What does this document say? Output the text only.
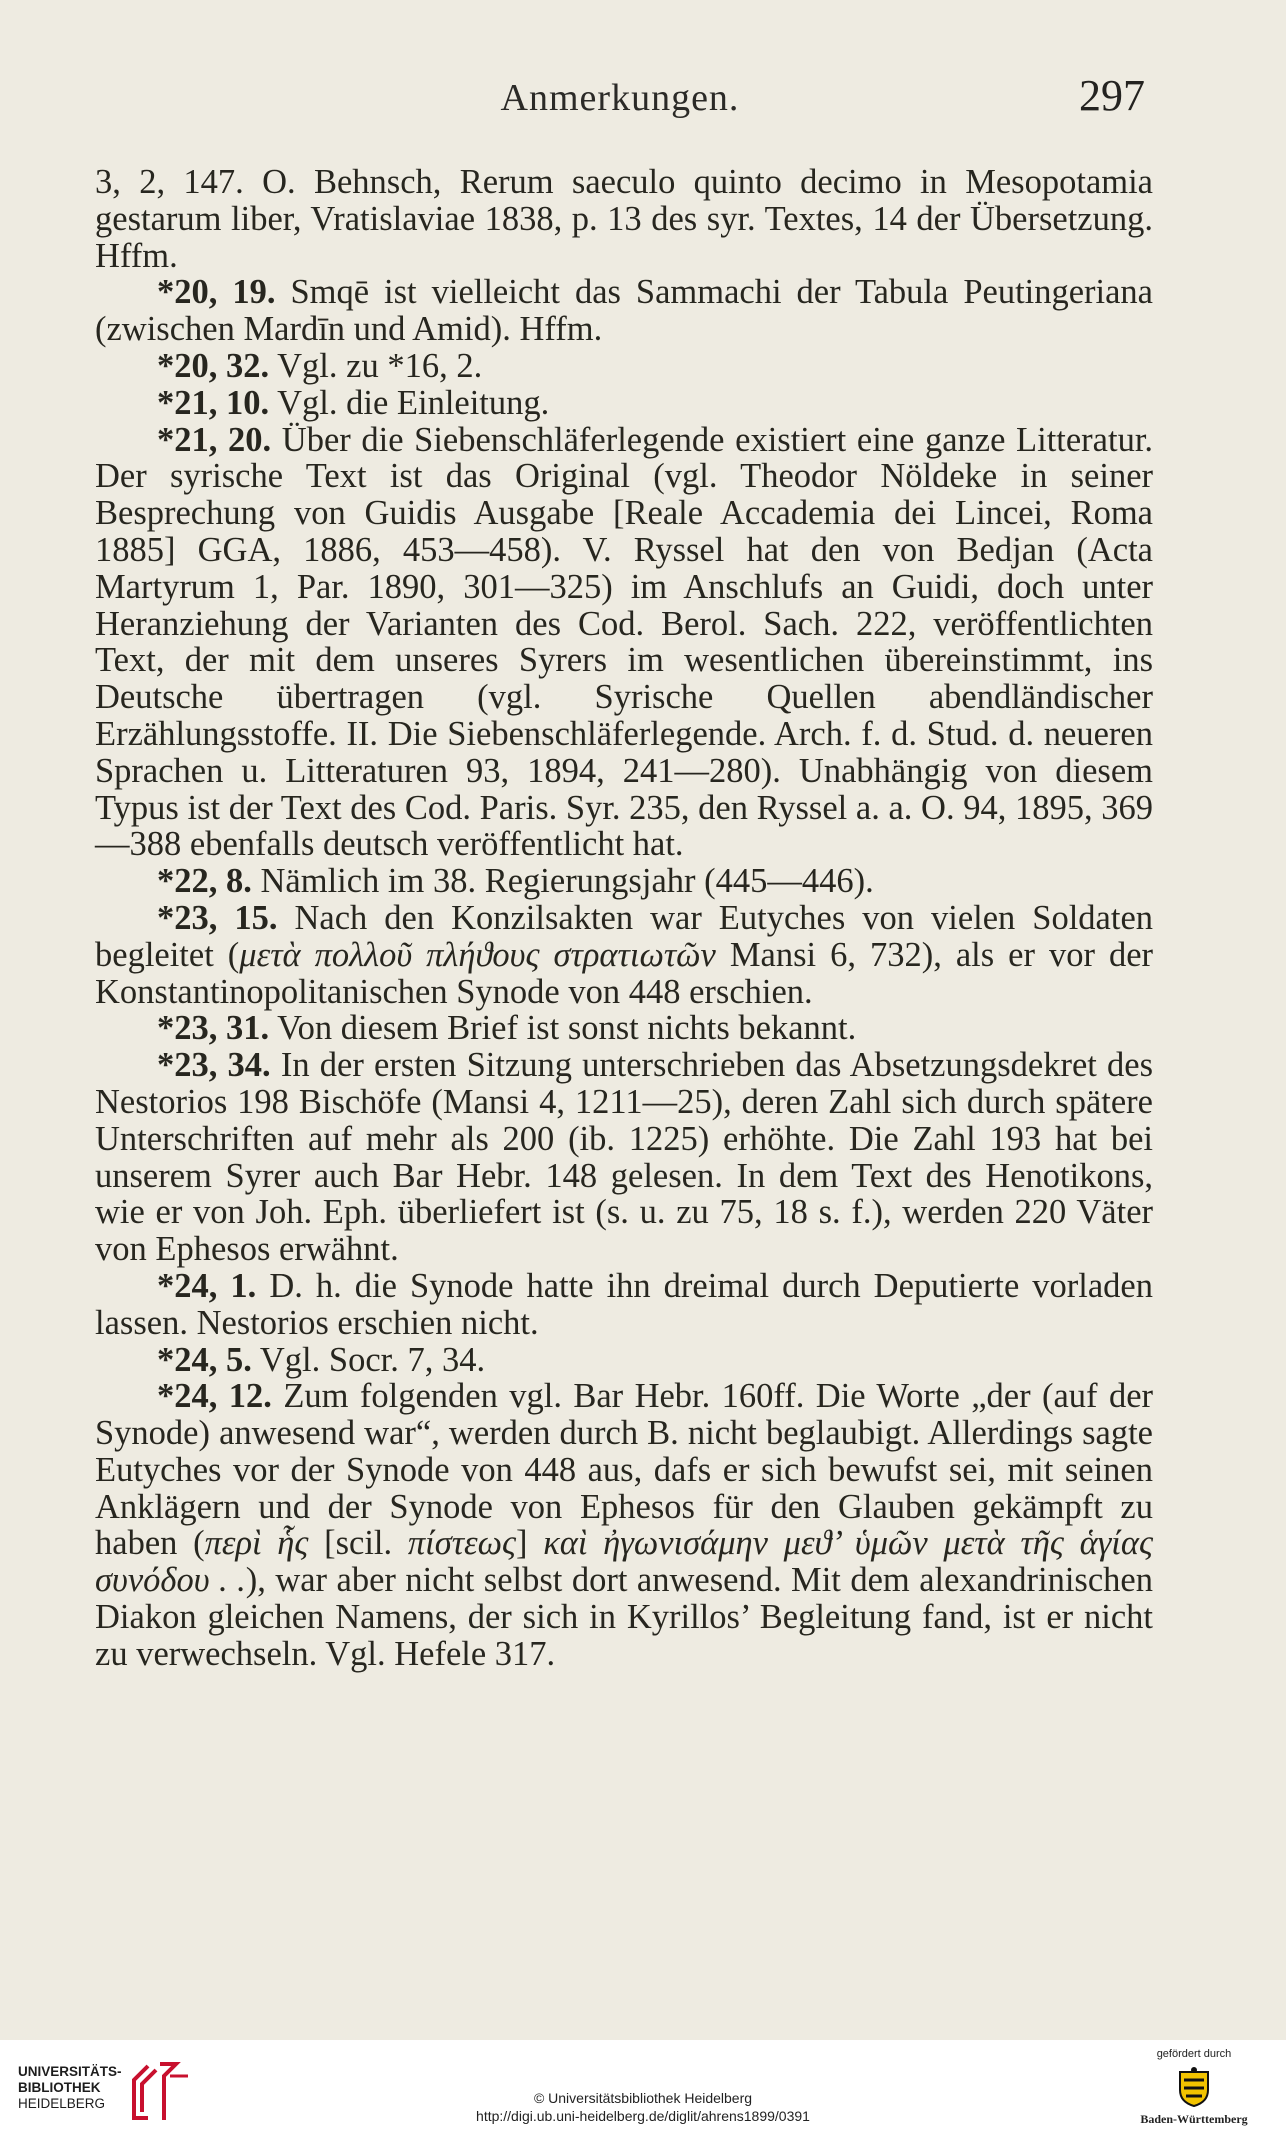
Anmerkungen.	297

3, 2, 147. O. Behnsch, Rerum saeculo quinto decimo in Mesopotamia gestarum liber, Vratislaviae 1838, p. 13 des syr. Textes, 14 der Übersetzung. Hffm.

*20, 19. Smqē ist vielleicht das Sammachi der Tabula Peutingeriana (zwischen Mardīn und Amid). Hffm.

*20, 32. Vgl. zu *16, 2.

*21, 10. Vgl. die Einleitung.

*21, 20. Über die Siebenschläferlegende existiert eine ganze Litteratur. Der syrische Text ist das Original (vgl. Theodor Nöldeke in seiner Besprechung von Guidis Ausgabe [Reale Accademia dei Lincei, Roma 1885] GGA, 1886, 453—458). V. Ryssel hat den von Bedjan (Acta Martyrum 1, Par. 1890, 301—325) im Anschlufs an Guidi, doch unter Heranziehung der Varianten des Cod. Berol. Sach. 222, veröffentlichten Text, der mit dem unseres Syrers im wesentlichen übereinstimmt, ins Deutsche übertragen (vgl. Syrische Quellen abendländischer Erzählungsstoffe. II. Die Siebenschläferlegende. Arch. f. d. Stud. d. neueren Sprachen u. Litteraturen 93, 1894, 241—280). Unabhängig von diesem Typus ist der Text des Cod. Paris. Syr. 235, den Ryssel a. a. O. 94, 1895, 369—388 ebenfalls deutsch veröffentlicht hat.

*22, 8. Nämlich im 38. Regierungsjahr (445—446).

*23, 15. Nach den Konzilsakten war Eutyches von vielen Soldaten begleitet (μετὰ πολλοῦ πλήϑους στρατιωτῶν Mansi 6, 732), als er vor der Konstantinopolitanischen Synode von 448 erschien.

*23, 31. Von diesem Brief ist sonst nichts bekannt.

*23, 34. In der ersten Sitzung unterschrieben das Absetzungsdekret des Nestorios 198 Bischöfe (Mansi 4, 1211—25), deren Zahl sich durch spätere Unterschriften auf mehr als 200 (ib. 1225) erhöhte. Die Zahl 193 hat bei unserem Syrer auch Bar Hebr. 148 gelesen. In dem Text des Henotikons, wie er von Joh. Eph. überliefert ist (s. u. zu 75, 18 s. f.), werden 220 Väter von Ephesos erwähnt.

*24, 1. D. h. die Synode hatte ihn dreimal durch Deputierte vorladen lassen. Nestorios erschien nicht.

*24, 5. Vgl. Socr. 7, 34.

*24, 12. Zum folgenden vgl. Bar Hebr. 160ff. Die Worte „der (auf der Synode) anwesend war“, werden durch B. nicht beglaubigt. Allerdings sagte Eutyches vor der Synode von 448 aus, dafs er sich bewufst sei, mit seinen Anklägern und der Synode von Ephesos für den Glauben gekämpft zu haben (περὶ ἧς [scil. πίστεως] καὶ ἠγωνισάμην μεϑ’ ὑμῶν μετὰ τῆς ἁγίας συνόδου . .), war aber nicht selbst dort anwesend. Mit dem alexandrinischen Diakon gleichen Namens, der sich in Kyrillos’ Begleitung fand, ist er nicht zu verwechseln. Vgl. Hefele 317.

UNIVERSITÄTS-
BIBLIOTHEK
HEIDELBERG	© Universitätsbibliothek Heidelberg
http://digi.ub.uni-heidelberg.de/diglit/ahrens1899/0391
gefördert durch
Baden-Württemberg
